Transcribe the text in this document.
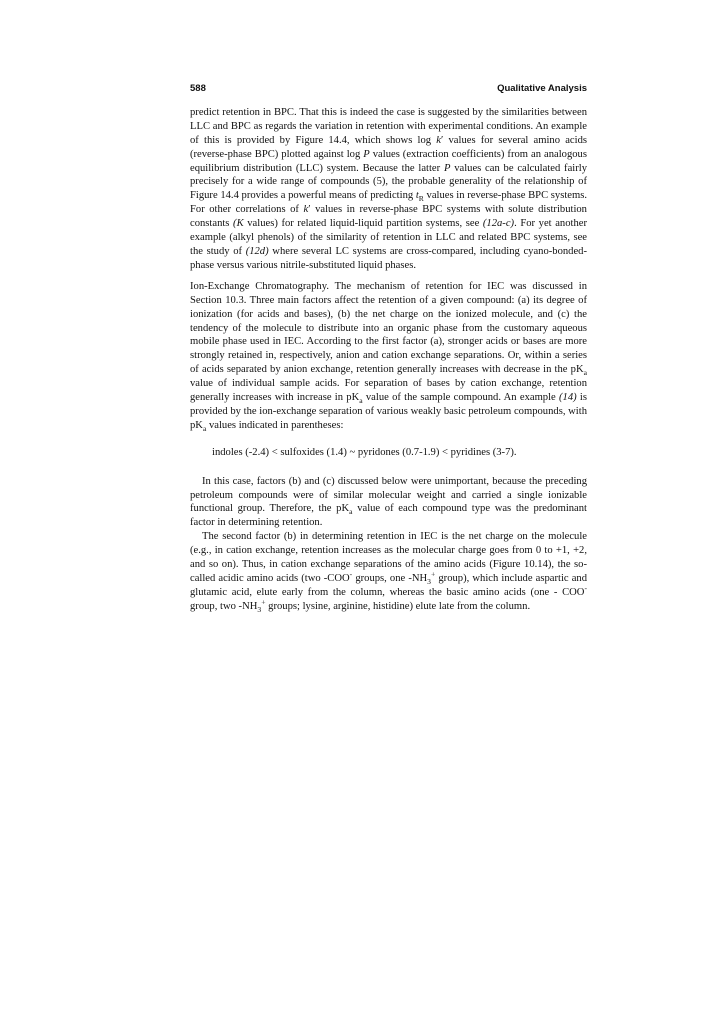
588	Qualitative Analysis

predict retention in BPC. That this is indeed the case is suggested by the similarities between LLC and BPC as regards the variation in retention with experimental conditions. An example of this is provided by Figure 14.4, which shows log k′ values for several amino acids (reverse-phase BPC) plotted against log P values (extraction coefficients) from an analogous equilibrium distribution (LLC) system. Because the latter P values can be calculated fairly precisely for a wide range of compounds (5), the probable generality of the relationship of Figure 14.4 provides a powerful means of predicting $t_R$ values in reverse-phase BPC systems. For other correlations of k′ values in reverse-phase BPC systems with solute distribution constants (K values) for related liquid-liquid partition systems, see (12a-c). For yet another example (alkyl phenols) of the similarity of retention in LLC and related BPC systems, see the study of (12d) where several LC systems are cross-compared, including cyano-bonded-phase versus various nitrile-substituted liquid phases.

Ion-Exchange Chromatography. The mechanism of retention for IEC was discussed in Section 10.3. Three main factors affect the retention of a given compound: (a) its degree of ionization (for acids and bases), (b) the net charge on the ionized molecule, and (c) the tendency of the molecule to distribute into an organic phase from the customary aqueous mobile phase used in IEC. According to the first factor (a), stronger acids or bases are more strongly retained in, respectively, anion and cation exchange separations. Or, within a series of acids separated by anion exchange, retention generally increases with decrease in the $pK_a$ value of individual sample acids. For separation of bases by cation exchange, retention generally increases with increase in $pK_a$ value of the sample compound. An example (14) is provided by the ion-exchange separation of various weakly basic petroleum compounds, with $pK_a$ values indicated in parentheses:

indoles (-2.4) < sulfoxides (1.4) ~ pyridones (0.7-1.9) < pyridines (3-7).

In this case, factors (b) and (c) discussed below were unimportant, because the preceding petroleum compounds were of similar molecular weight and carried a single ionizable functional group. Therefore, the $pK_a$ value of each compound type was the predominant factor in determining retention.

The second factor (b) in determining retention in IEC is the net charge on the molecule (e.g., in cation exchange, retention increases as the molecular charge goes from 0 to +1, +2, and so on). Thus, in cation exchange separations of the amino acids (Figure 10.14), the so-called acidic amino acids (two -COO- groups, one $-NH_3^+$ group), which include aspartic and glutamic acid, elute early from the column, whereas the basic amino acids (one - COO- group, two $-NH_3^+$ groups; lysine, arginine, histidine) elute late from the column.
